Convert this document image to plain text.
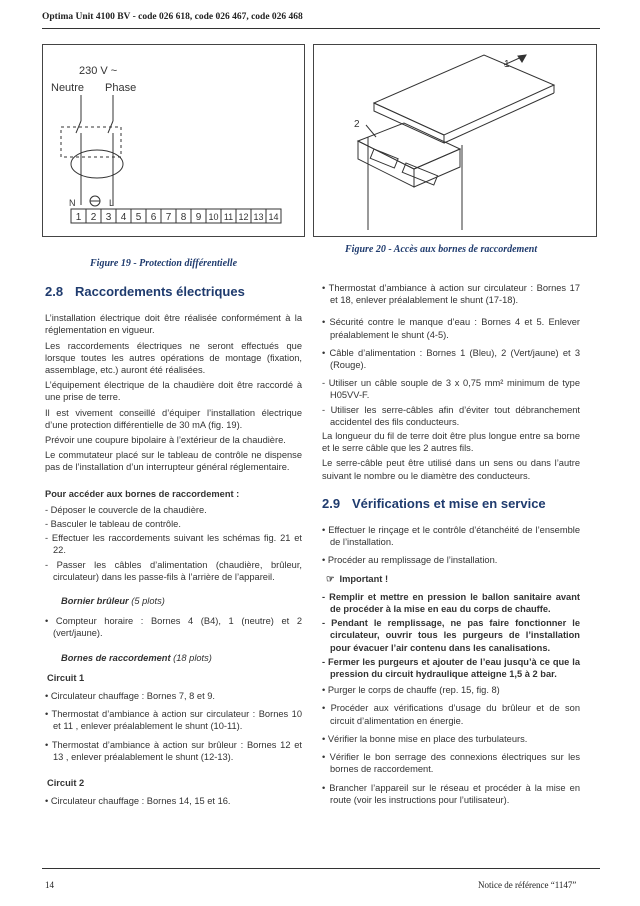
Optima Unit 4100 BV - code 026 618, code 026 467, code 026 468
230 V ~
Neutre Phase
N	L
1 2 3 4 5 6 7 8 9 10 11 12 13 14
Figure 19 - Protection différentielle
1
2
Figure 20 - Accès aux bornes de raccordement
2.8 Raccordements électriques

L’installation électrique doit être réalisée conformément à la réglementation en vigueur.

Les raccordements électriques ne seront effectués que lorsque toutes les autres opérations de montage (fixation, assemblage, etc.) auront été réalisées.

L’équipement électrique de la chaudière doit être raccordé à une prise de terre.

Il est vivement conseillé d’équiper l’installation électrique d’une protection différentielle de 30 mA (fig. 19).

Prévoir une coupure bipolaire à l’extérieur de la chaudière.

Le commutateur placé sur le tableau de contrôle ne dispense pas de l’installation d’un interrupteur général réglementaire.

Pour accéder aux bornes de raccordement :

- Déposer le couvercle de la chaudière.

- Basculer le tableau de contrôle.

- Effectuer les raccordements suivant les schémas fig. 21 et 22.

- Passer les câbles d’alimentation (chaudière, brûleur, circulateur) dans les passe-fils à l’arrière de l’appareil.

Bornier brûleur (5 plots)

• Compteur horaire : Bornes 4 (B4), 1 (neutre) et 2 (vert/jaune).

Bornes de raccordement (18 plots)
Circuit 1

• Circulateur chauffage : Bornes 7, 8 et 9.

• Thermostat d’ambiance à action sur circulateur : Bornes 10 et 11 , enlever préalablement le shunt (10-11).

• Thermostat d’ambiance à action sur brûleur : Bornes 12 et 13 , enlever préalablement le shunt (12-13).

Circuit 2

• Circulateur chauffage : Bornes 14, 15 et 16.

• Thermostat d’ambiance à action sur circulateur : Bornes 17 et 18, enlever préalablement le shunt (17-18).

• Sécurité contre le manque d’eau : Bornes 4 et 5. Enlever préalablement le shunt (4-5).

• Câble d’alimentation : Bornes 1 (Bleu), 2 (Vert/jaune) et 3 (Rouge).

- Utiliser un câble souple de 3 x 0,75 mm² minimum de type H05VV-F.

- Utiliser les serre-câbles afin d’éviter tout débranchement accidentel des fils conducteurs.

La longueur du fil de terre doit être plus longue entre sa borne et le serre câble que les 2 autres fils.

Le serre-câble peut être utilisé dans un sens ou dans l’autre suivant le nombre ou le diamètre des conducteurs.

2.9 Vérifications et mise en service

• Effectuer le rinçage et le contrôle d’étanchéité de l’ensemble de l’installation.

• Procéder au remplissage de l’installation.

☞ Important !

- Remplir et mettre en pression le ballon sanitaire avant de procéder à la mise en eau du corps de chauffe.

- Pendant le remplissage, ne pas faire fonctionner le circulateur, ouvrir tous les purgeurs de l’installation pour évacuer l’air contenu dans les canalisations.

- Fermer les purgeurs et ajouter de l’eau jusqu’à ce que la pression du circuit hydraulique atteigne 1,5 à 2 bar.

• Purger le corps de chauffe (rep. 15, fig. 8)

• Procéder aux vérifications d’usage du brûleur et de son circuit d’alimentation en énergie.

• Vérifier la bonne mise en place des turbulateurs.

• Vérifier le bon serrage des connexions électriques sur les bornes de raccordement.

• Brancher l’appareil sur le réseau et procéder à la mise en route (voir les instructions pour l’utilisateur).

14	Notice de référence “1147”
